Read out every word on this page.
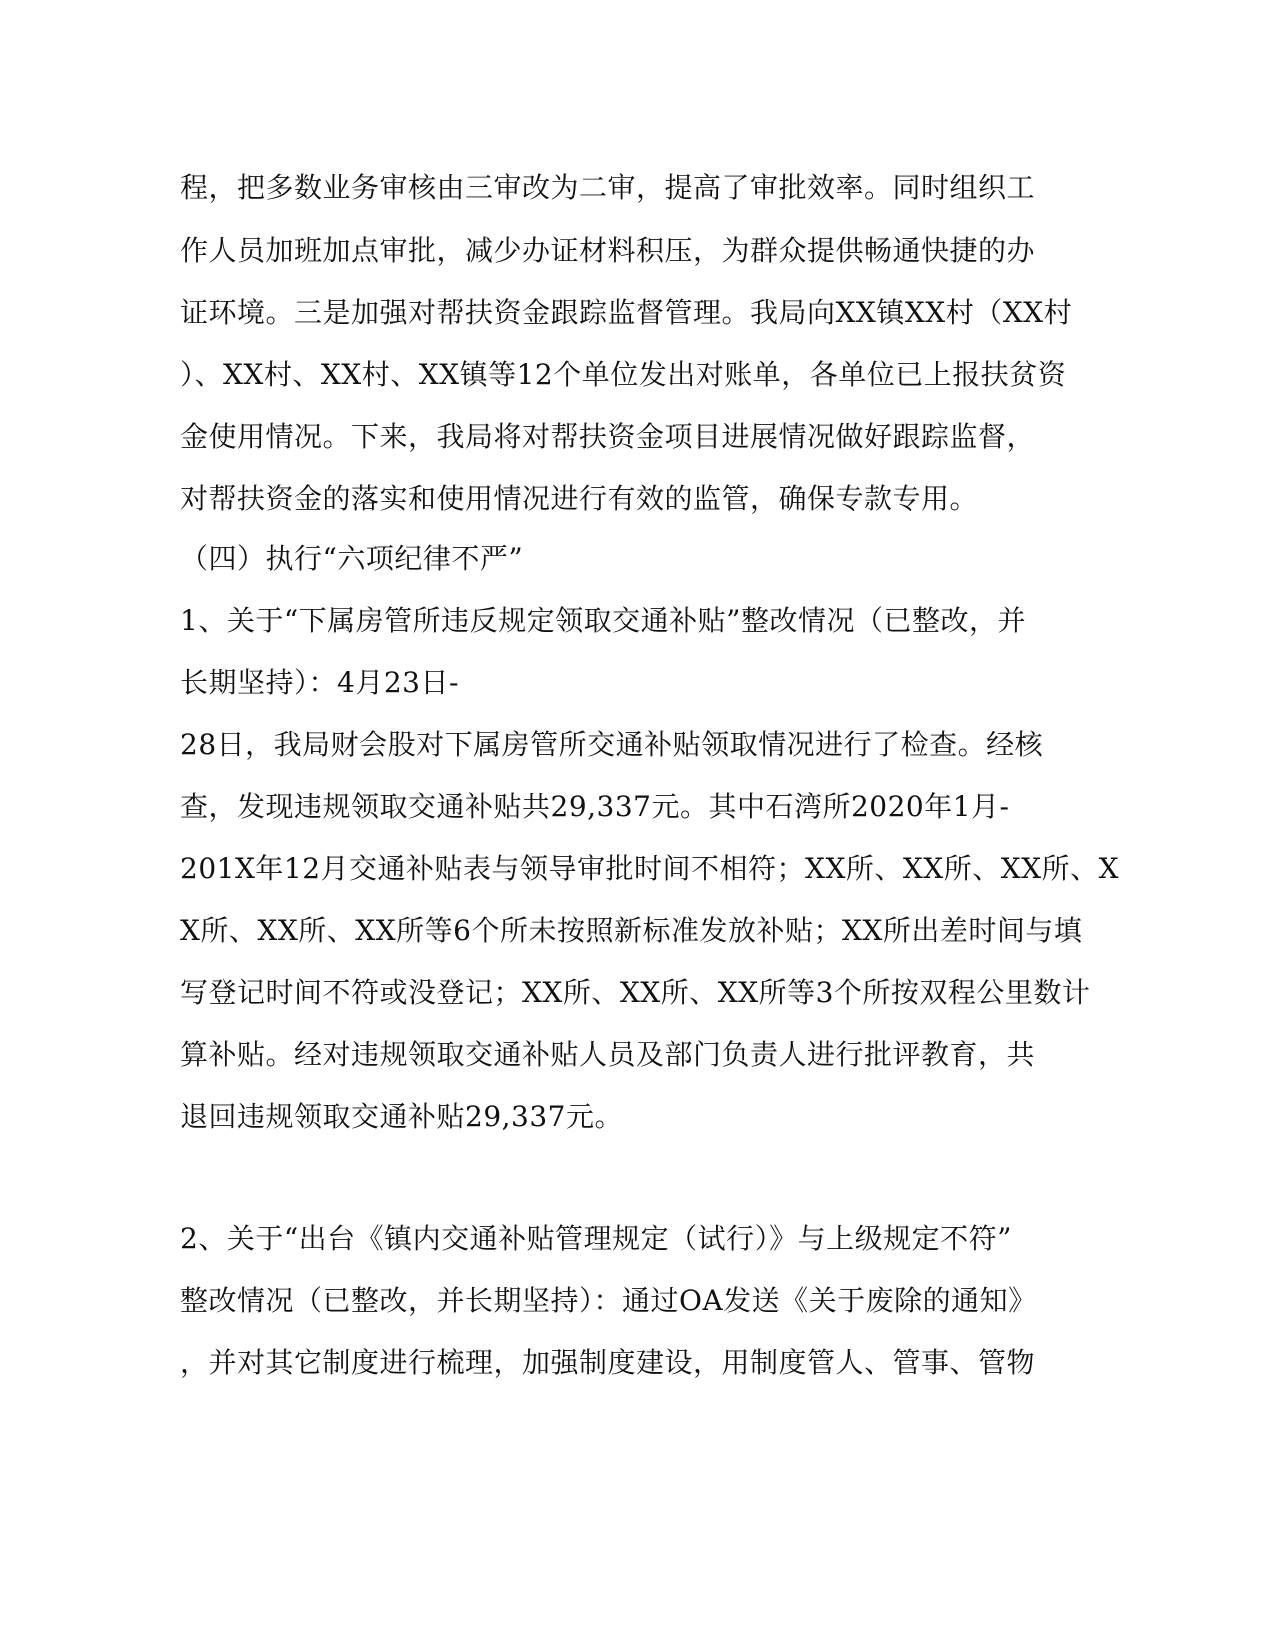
程，把多数业务审核由三审改为二审，提高了审批效率。同时组织工
作人员加班加点审批，减少办证材料积压，为群众提供畅通快捷的办
证环境。三是加强对帮扶资金跟踪监督管理。我局向XX镇XX村（XX村
）、XX村、XX村、XX镇等12个单位发出对账单，各单位已上报扶贫资
金使用情况。下来，我局将对帮扶资金项目进展情况做好跟踪监督，
对帮扶资金的落实和使用情况进行有效的监管，确保专款专用。
（四）执行“六项纪律不严”
1、关于“下属房管所违反规定领取交通补贴”整改情况（已整改，并
长期坚持）：4月23日-
28日，我局财会股对下属房管所交通补贴领取情况进行了检查。经核
查，发现违规领取交通补贴共29,337元。其中石湾所2020年1月-
201X年12月交通补贴表与领导审批时间不相符；XX所、XX所、XX所、X
X所、XX所、XX所等6个所未按照新标准发放补贴；XX所出差时间与填
写登记时间不符或没登记；XX所、XX所、XX所等3个所按双程公里数计
算补贴。经对违规领取交通补贴人员及部门负责人进行批评教育，共
退回违规领取交通补贴29,337元。
2、关于“出台《镇内交通补贴管理规定（试行）》与上级规定不符”
整改情况（已整改，并长期坚持）：通过OA发送《关于废除的通知》
，并对其它制度进行梳理，加强制度建设，用制度管人、管事、管物
